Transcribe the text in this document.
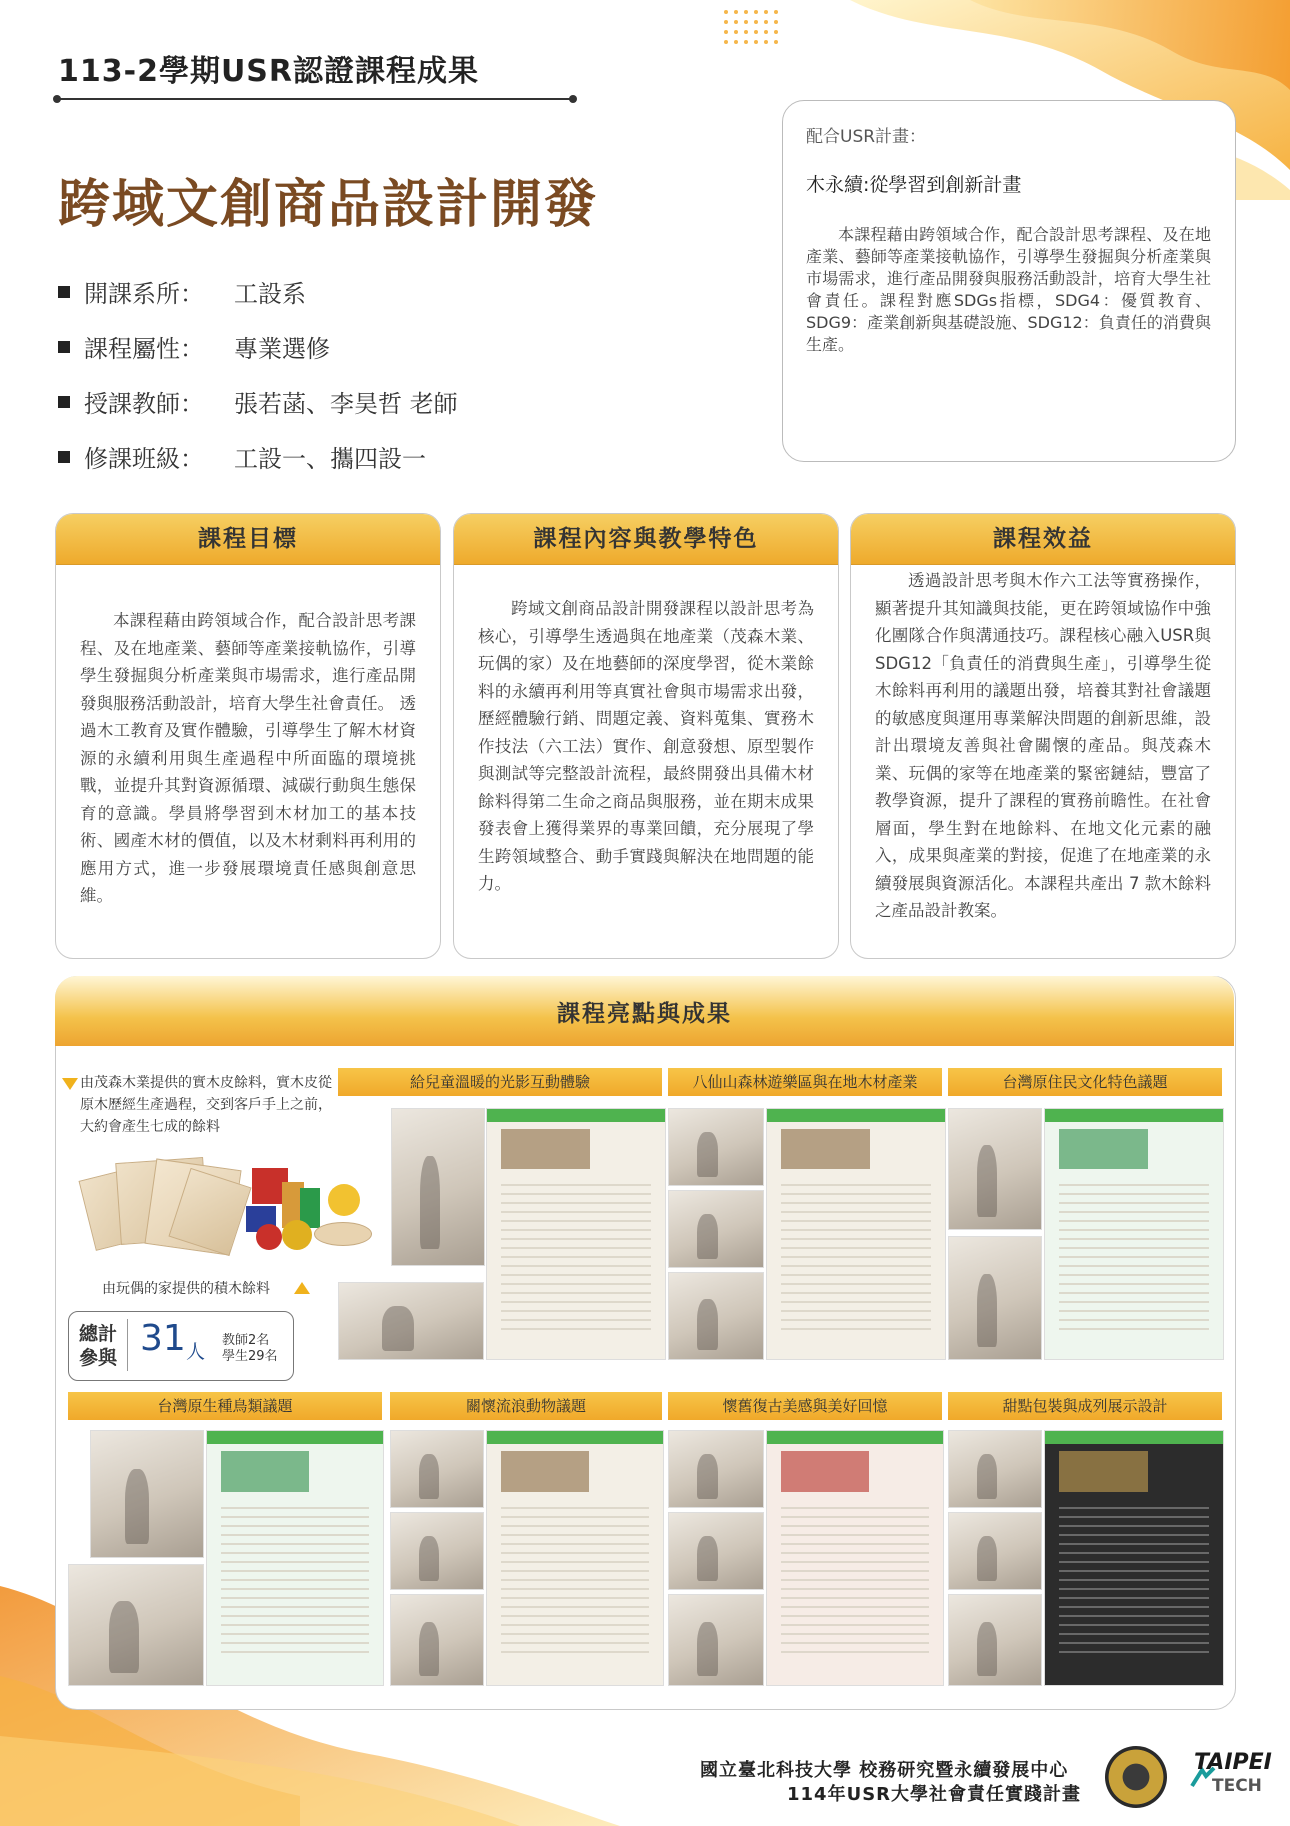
113-2學期USR認證課程成果
跨域文創商品設計開發
開課系所：	工設系
課程屬性：	專業選修
授課教師：	張若菡、李昊哲 老師
修課班級：	工設一、攜四設一
配合USR計畫：
木永續:從學習到創新計畫
本課程藉由跨領域合作，配合設計思考課程、及在地產業、藝師等產業接軌協作，引導學生發掘與分析產業與市場需求，進行產品開發與服務活動設計，培育大學生社會責任。課程對應SDGs指標，SDG4：優質教育、SDG9：產業創新與基礎設施、SDG12：負責任的消費與生產。
課程目標
本課程藉由跨領域合作，配合設計思考課程、及在地產業、藝師等產業接軌協作，引導學生發掘與分析產業與市場需求，進行產品開發與服務活動設計，培育大學生社會責任。 透過木工教育及實作體驗，引導學生了解木材資源的永續利用與生產過程中所面臨的環境挑戰，並提升其對資源循環、減碳行動與生態保育的意識。學員將學習到木材加工的基本技術、國產木材的價值，以及木材剩料再利用的應用方式，進一步發展環境責任感與創意思維。
課程內容與教學特色
跨域文創商品設計開發課程以設計思考為核心，引導學生透過與在地產業（茂森木業、玩偶的家）及在地藝師的深度學習，從木業餘料的永續再利用等真實社會與市場需求出發，歷經體驗行銷、問題定義、資料蒐集、實務木作技法（六工法）實作、創意發想、原型製作與測試等完整設計流程，最終開發出具備木材餘料得第二生命之商品與服務，並在期末成果發表會上獲得業界的專業回饋，充分展現了學生跨領域整合、動手實踐與解決在地問題的能力。
課程效益
透過設計思考與木作六工法等實務操作，顯著提升其知識與技能，更在跨領域協作中強化團隊合作與溝通技巧。課程核心融入USR與 SDG12「負責任的消費與生產」，引導學生從木餘料再利用的議題出發，培養其對社會議題的敏感度與運用專業解決問題的創新思維，設計出環境友善與社會關懷的產品。與茂森木業、玩偶的家等在地產業的緊密鏈結，豐富了教學資源，提升了課程的實務前瞻性。在社會層面，學生對在地餘料、在地文化元素的融入，成果與產業的對接，促進了在地產業的永續發展與資源活化。本課程共產出 7 款木餘料之產品設計教案。
課程亮點與成果
由茂森木業提供的實木皮餘料，實木皮從原木歷經生產過程，交到客戶手上之前，大約會產生七成的餘料
由玩偶的家提供的積木餘料
總計參與 31 人
教師2名
學生29名
給兒童溫暖的光影互動體驗	八仙山森林遊樂區與在地木材產業	台灣原住民文化特色議題
台灣原生種鳥類議題	關懷流浪動物議題	懷舊復古美感與美好回憶	甜點包裝與成列展示設計
國立臺北科技大學 校務研究暨永續發展中心
114年USR大學社會責任實踐計畫
TAIPEI
TECH
